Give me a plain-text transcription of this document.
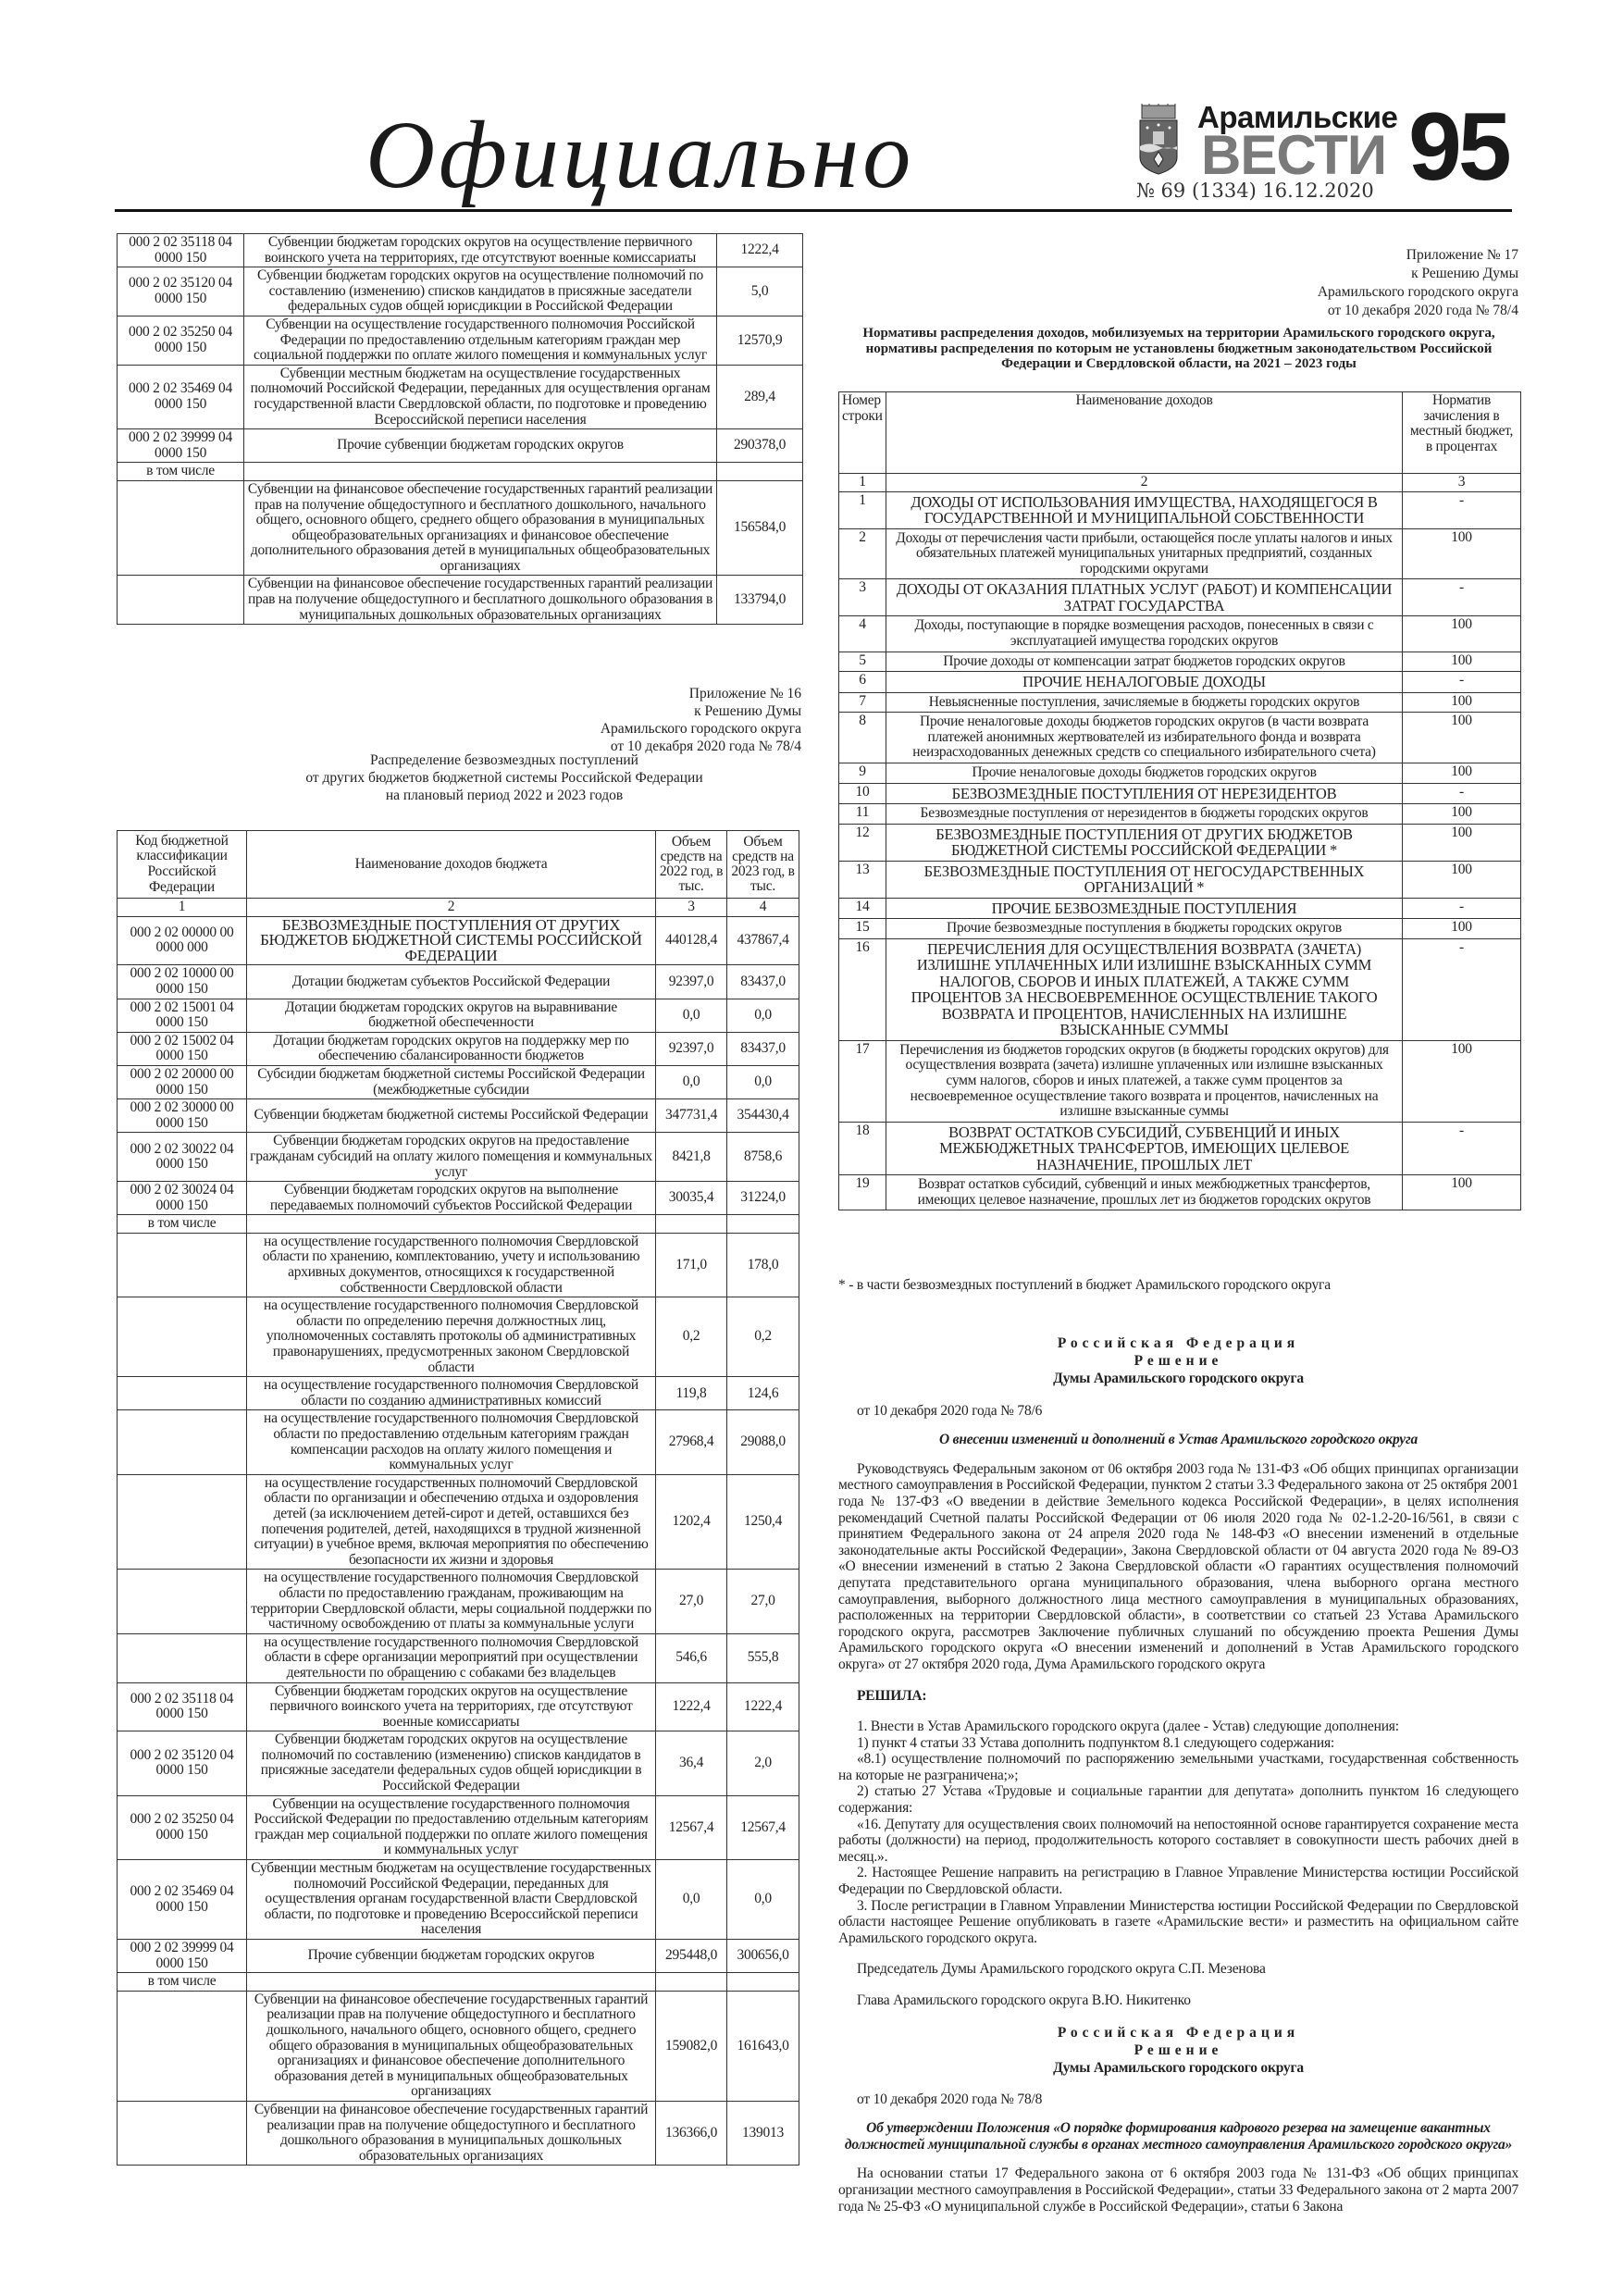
Официально	Арамильские
ВЕСТИ 95
№ 69 (1334) 16.12.2020
000 2 02 35118 04 0000 150	Субвенции бюджетам городских округов на осуществление первичного воинского учета на территориях, где отсутствуют военные комиссариаты	1222,4
000 2 02 35120 04 0000 150	Субвенции бюджетам городских округов на осуществление полномочий по составлению (изменению) списков кандидатов в присяжные заседатели федеральных судов общей юрисдикции в Российской Федерации	5,0
000 2 02 35250 04 0000 150	Субвенции на осуществление государственного полномочия Российской Федерации по предоставлению отдельным категориям граждан мер социальной поддержки по оплате жилого помещения и коммунальных услуг	12570,9
000 2 02 35469 04 0000 150	Субвенции местным бюджетам на осуществление государственных полномочий Российской Федерации, переданных для осуществления органам государственной власти Свердловской области, по подготовке и проведению Всероссийской переписи населения	289,4
000 2 02 39999 04 0000 150	Прочие субвенции бюджетам городских округов	290378,0
в том числе		
	Субвенции на финансовое обеспечение государственных гарантий реализации прав на получение общедоступного и бесплатного дошкольного, начального общего, основного общего, среднего общего образования в муниципальных общеобразовательных организациях и финансовое обеспечение дополнительного образования детей в муниципальных общеобразовательных организациях	156584,0
	Субвенции на финансовое обеспечение государственных гарантий реализации прав на получение общедоступного и бесплатного дошкольного образования в муниципальных дошкольных образовательных организациях	133794,0
Приложение № 16
к Решению Думы
Арамильского городского округа
от 10 декабря 2020 года № 78/4
Распределение безвозмездных поступлений
от других бюджетов бюджетной системы Российской Федерации
на плановый период 2022 и 2023 годов
Код бюджетной классификации Российской Федерации	Наименование доходов бюджета	Объем средств на 2022 год, в тыс.	Объем средств на 2023 год, в тыс.
1	2	3	4
000 2 02 00000 00 0000 000	БЕЗВОЗМЕЗДНЫЕ ПОСТУПЛЕНИЯ ОТ ДРУГИХ БЮДЖЕТОВ БЮДЖЕТНОЙ СИСТЕМЫ РОССИЙСКОЙ ФЕДЕРАЦИИ	440128,4	437867,4
000 2 02 10000 00 0000 150	Дотации бюджетам субъектов Российской Федерации	92397,0	83437,0
000 2 02 15001 04 0000 150	Дотации бюджетам городских округов на выравнивание бюджетной обеспеченности	0,0	0,0
000 2 02 15002 04 0000 150	Дотации бюджетам городских округов на поддержку мер по обеспечению сбалансированности бюджетов	92397,0	83437,0
000 2 02 20000 00 0000 150	Субсидии бюджетам бюджетной системы Российской Федерации (межбюджетные субсидии	0,0	0,0
000 2 02 30000 00 0000 150	Субвенции бюджетам бюджетной системы Российской Федерации	347731,4	354430,4
000 2 02 30022 04 0000 150	Субвенции бюджетам городских округов на предоставление гражданам субсидий на оплату жилого помещения и коммунальных услуг	8421,8	8758,6
000 2 02 30024 04 0000 150	Субвенции бюджетам городских округов на выполнение передаваемых полномочий субъектов Российской Федерации	30035,4	31224,0
в том числе			
	на осуществление государственного полномочия Свердловской области по хранению, комплектованию, учету и использованию архивных документов, относящихся к государственной собственности Свердловской области	171,0	178,0
	на осуществление государственного полномочия Свердловской области по определению перечня должностных лиц, уполномоченных составлять протоколы об административных правонарушениях, предусмотренных законом Свердловской области	0,2	0,2
	на осуществление государственного полномочия Свердловской области по созданию административных комиссий	119,8	124,6
	на осуществление государственного полномочия Свердловской области по предоставлению отдельным категориям граждан компенсации расходов на оплату жилого помещения и коммунальных услуг	27968,4	29088,0
	на осуществление государственных полномочий Свердловской области по организации и обеспечению отдыха и оздоровления детей (за исключением детей-сирот и детей, оставшихся без попечения родителей, детей, находящихся в трудной жизненной ситуации) в учебное время, включая мероприятия по обеспечению безопасности их жизни и здоровья	1202,4	1250,4
	на осуществление государственного полномочия Свердловской области по предоставлению гражданам, проживающим на территории Свердловской области, меры социальной поддержки по частичному освобождению от платы за коммунальные услуги	27,0	27,0
	на осуществление государственного полномочия Свердловской области в сфере организации мероприятий при осуществлении деятельности по обращению с собаками без владельцев	546,6	555,8
000 2 02 35118 04 0000 150	Субвенции бюджетам городских округов на осуществление первичного воинского учета на территориях, где отсутствуют военные комиссариаты	1222,4	1222,4
000 2 02 35120 04 0000 150	Субвенции бюджетам городских округов на осуществление полномочий по составлению (изменению) списков кандидатов в присяжные заседатели федеральных судов общей юрисдикции в Российской Федерации	36,4	2,0
000 2 02 35250 04 0000 150	Субвенции на осуществление государственного полномочия Российской Федерации по предоставлению отдельным категориям граждан мер социальной поддержки по оплате жилого помещения и коммунальных услуг	12567,4	12567,4
000 2 02 35469 04 0000 150	Субвенции местным бюджетам на осуществление государственных полномочий Российской Федерации, переданных для осуществления органам государственной власти Свердловской области, по подготовке и проведению Всероссийской переписи населения	0,0	0,0
000 2 02 39999 04 0000 150	Прочие субвенции бюджетам городских округов	295448,0	300656,0
в том числе			
	Субвенции на финансовое обеспечение государственных гарантий реализации прав на получение общедоступного и бесплатного дошкольного, начального общего, основного общего, среднего общего образования в муниципальных общеобразовательных организациях и финансовое обеспечение дополнительного образования детей в муниципальных общеобразовательных организациях	159082,0	161643,0
	Субвенции на финансовое обеспечение государственных гарантий реализации прав на получение общедоступного и бесплатного дошкольного образования в муниципальных дошкольных образовательных организациях	136366,0	139013
Приложение № 17
к Решению Думы
Арамильского городского округа
от 10 декабря 2020 года № 78/4
Нормативы распределения доходов, мобилизуемых на территории Арамильского городского округа, нормативы распределения по которым не установлены бюджетным законодательством Российской Федерации и Свердловской области, на 2021 – 2023 годы
Номер строки	Наименование доходов	Норматив зачисления в местный бюджет, в процентах
1	2	3
1	ДОХОДЫ ОТ ИСПОЛЬЗОВАНИЯ ИМУЩЕСТВА, НАХОДЯЩЕГОСЯ В ГОСУДАРСТВЕННОЙ И МУНИЦИПАЛЬНОЙ СОБСТВЕННОСТИ	-
2	Доходы от перечисления части прибыли, остающейся после уплаты налогов и иных обязательных платежей муниципальных унитарных предприятий, созданных городскими округами	100
3	ДОХОДЫ ОТ ОКАЗАНИЯ ПЛАТНЫХ УСЛУГ (РАБОТ) И КОМПЕНСАЦИИ ЗАТРАТ ГОСУДАРСТВА	-
4	Доходы, поступающие в порядке возмещения расходов, понесенных в связи с эксплуатацией имущества городских округов	100
5	Прочие доходы от компенсации затрат бюджетов городских округов	100
6	ПРОЧИЕ НЕНАЛОГОВЫЕ ДОХОДЫ	-
7	Невыясненные поступления, зачисляемые в бюджеты городских округов	100
8	Прочие неналоговые доходы бюджетов городских округов (в части возврата платежей анонимных жертвователей из избирательного фонда и возврата неизрасходованных денежных средств со специального избирательного счета)	100
9	Прочие неналоговые доходы бюджетов городских округов	100
10	БЕЗВОЗМЕЗДНЫЕ ПОСТУПЛЕНИЯ ОТ НЕРЕЗИДЕНТОВ	-
11	Безвозмездные поступления от нерезидентов в бюджеты городских округов	100
12	БЕЗВОЗМЕЗДНЫЕ ПОСТУПЛЕНИЯ ОТ ДРУГИХ БЮДЖЕТОВ БЮДЖЕТНОЙ СИСТЕМЫ РОССИЙСКОЙ ФЕДЕРАЦИИ *	100
13	БЕЗВОЗМЕЗДНЫЕ ПОСТУПЛЕНИЯ ОТ НЕГОСУДАРСТВЕННЫХ ОРГАНИЗАЦИЙ *	100
14	ПРОЧИЕ БЕЗВОЗМЕЗДНЫЕ ПОСТУПЛЕНИЯ	-
15	Прочие безвозмездные поступления в бюджеты городских округов	100
16	ПЕРЕЧИСЛЕНИЯ ДЛЯ ОСУЩЕСТВЛЕНИЯ ВОЗВРАТА (ЗАЧЕТА) ИЗЛИШНЕ УПЛАЧЕННЫХ ИЛИ ИЗЛИШНЕ ВЗЫСКАННЫХ СУММ НАЛОГОВ, СБОРОВ И ИНЫХ ПЛАТЕЖЕЙ, А ТАКЖЕ СУММ ПРОЦЕНТОВ ЗА НЕСВОЕВРЕМЕННОЕ ОСУЩЕСТВЛЕНИЕ ТАКОГО ВОЗВРАТА И ПРОЦЕНТОВ, НАЧИСЛЕННЫХ НА ИЗЛИШНЕ ВЗЫСКАННЫЕ СУММЫ	-
17	Перечисления из бюджетов городских округов (в бюджеты городских округов) для осуществления возврата (зачета) излишне уплаченных или излишне взысканных сумм налогов, сборов и иных платежей, а также сумм процентов за несвоевременное осуществление такого возврата и процентов, начисленных на излишне взысканные суммы	100
18	ВОЗВРАТ ОСТАТКОВ СУБСИДИЙ, СУБВЕНЦИЙ И ИНЫХ МЕЖБЮДЖЕТНЫХ ТРАНСФЕРТОВ, ИМЕЮЩИХ ЦЕЛЕВОЕ НАЗНАЧЕНИЕ, ПРОШЛЫХ ЛЕТ	-
19	Возврат остатков субсидий, субвенций и иных межбюджетных трансфертов, имеющих целевое назначение, прошлых лет из бюджетов городских округов	100
* - в части безвозмездных поступлений в бюджет Арамильского городского округа
Российская Федерация
Решение
Думы Арамильского городского округа

от 10 декабря 2020 года № 78/6

О внесении изменений и дополнений в Устав Арамильского городского округа

Руководствуясь Федеральным законом от 06 октября 2003 года № 131-ФЗ «Об общих принципах организации местного самоуправления в Российской Федерации, пунктом 2 статьи 3.3 Федерального закона от 25 октября 2001 года № 137-ФЗ «О введении в действие Земельного кодекса Российской Федерации», в целях исполнения рекомендаций Счетной палаты Российской Федерации от 06 июля 2020 года № 02-1.2-20-16/561, в связи с принятием Федерального закона от 24 апреля 2020 года № 148-ФЗ «О внесении изменений в отдельные законодательные акты Российской Федерации», Закона Свердловской области от 04 августа 2020 года № 89-ОЗ «О внесении изменений в статью 2 Закона Свердловской области «О гарантиях осуществления полномочий депутата представительного органа муниципального образования, члена выборного органа местного самоуправления, выборного должностного лица местного самоуправления в муниципальных образованиях, расположенных на территории Свердловской области», в соответствии со статьей 23 Устава Арамильского городского округа, рассмотрев Заключение публичных слушаний по обсуждению проекта Решения Думы Арамильского городского округа «О внесении изменений и дополнений в Устав Арамильского городского округа» от 27 октября 2020 года, Дума Арамильского городского округа

РЕШИЛА:

1. Внести в Устав Арамильского городского округа (далее - Устав) следующие дополнения:

1) пункт 4 статьи 33 Устава дополнить подпунктом 8.1 следующего содержания:

«8.1) осуществление полномочий по распоряжению земельными участками, государственная собственность на которые не разграничена;»;

2) статью 27 Устава «Трудовые и социальные гарантии для депутата» дополнить пунктом 16 следующего содержания:

«16. Депутату для осуществления своих полномочий на непостоянной основе гарантируется сохранение места работы (должности) на период, продолжительность которого составляет в совокупности шесть рабочих дней в месяц.».

2. Настоящее Решение направить на регистрацию в Главное Управление Министерства юстиции Российской Федерации по Свердловской области.

3. После регистрации в Главном Управлении Министерства юстиции Российской Федерации по Свердловской области настоящее Решение опубликовать в газете «Арамильские вести» и разместить на официальном сайте Арамильского городского округа.

Председатель Думы Арамильского городского округа С.П. Мезенова

Глава Арамильского городского округа В.Ю. Никитенко

Российская Федерация
Решение
Думы Арамильского городского округа

от 10 декабря 2020 года № 78/8

Об утверждении Положения «О порядке формирования кадрового резерва на замещение вакантных должностей муниципальной службы в органах местного самоуправления Арамильского городского округа»

На основании статьи 17 Федерального закона от 6 октября 2003 года № 131-ФЗ «Об общих принципах организации местного самоуправления в Российской Федерации», статьи 33 Федерального закона от 2 марта 2007 года № 25-ФЗ «О муниципальной службе в Российской Федерации», статьи 6 Закона
